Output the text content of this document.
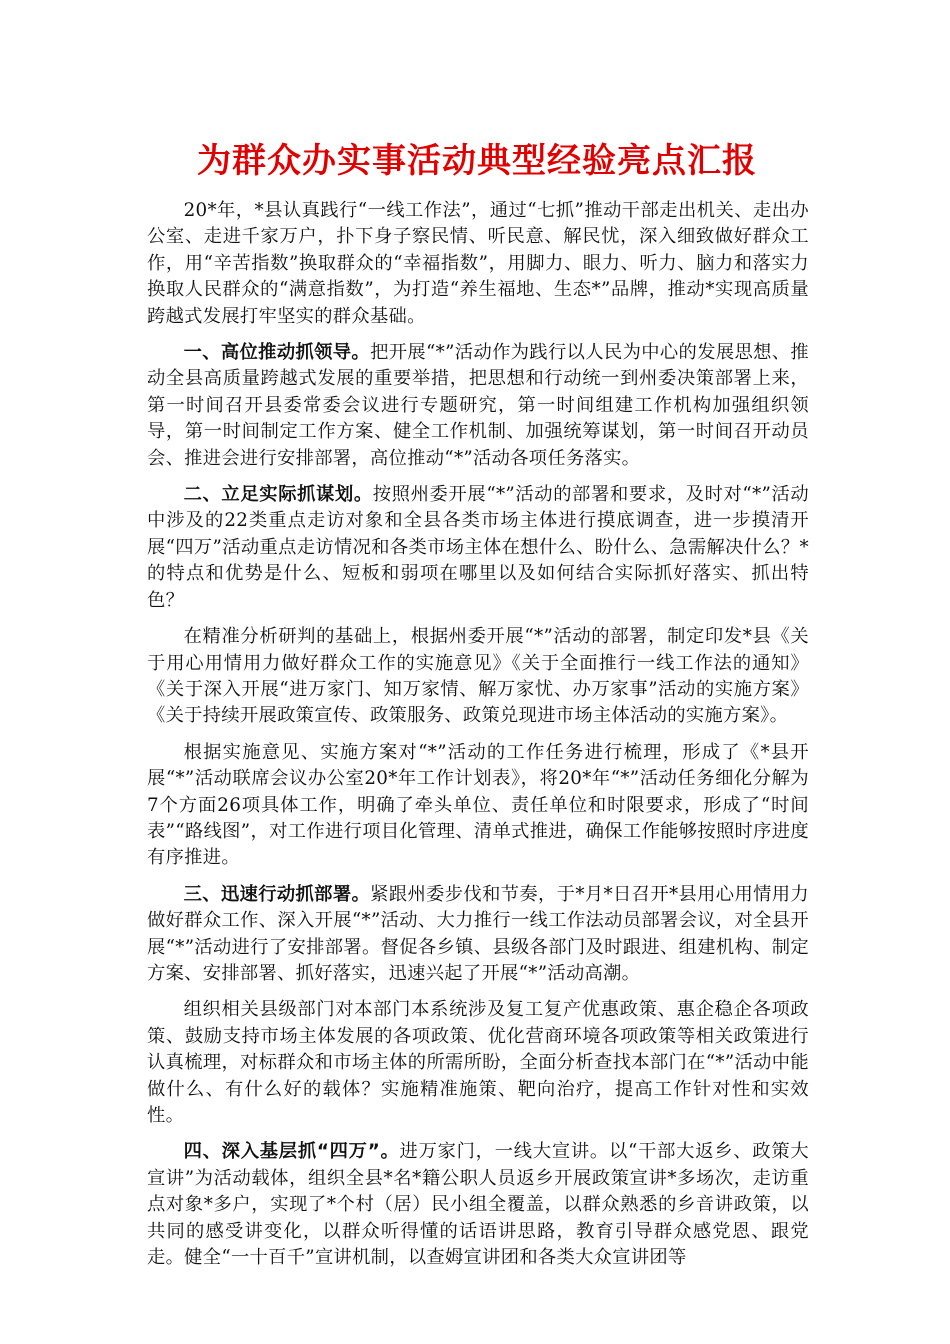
为群众办实事活动典型经验亮点汇报

20*年，*县认真践行“一线工作法”，通过“七抓”推动干部走出机关、走出办公室、走进千家万户，扑下身子察民情、听民意、解民忧，深入细致做好群众工作，用“辛苦指数”换取群众的“幸福指数”，用脚力、眼力、听力、脑力和落实力换取人民群众的“满意指数”，为打造“养生福地、生态*”品牌，推动*实现高质量跨越式发展打牢坚实的群众基础。

一、高位推动抓领导。把开展“*”活动作为践行以人民为中心的发展思想、推动全县高质量跨越式发展的重要举措，把思想和行动统一到州委决策部署上来，第一时间召开县委常委会议进行专题研究，第一时间组建工作机构加强组织领导，第一时间制定工作方案、健全工作机制、加强统筹谋划，第一时间召开动员会、推进会进行安排部署，高位推动“*”活动各项任务落实。

二、立足实际抓谋划。按照州委开展“*”活动的部署和要求，及时对“*”活动中涉及的22类重点走访对象和全县各类市场主体进行摸底调查，进一步摸清开展“四万”活动重点走访情况和各类市场主体在想什么、盼什么、急需解决什么？*的特点和优势是什么、短板和弱项在哪里以及如何结合实际抓好落实、抓出特色？

在精准分析研判的基础上，根据州委开展“*”活动的部署，制定印发*县《关于用心用情用力做好群众工作的实施意见》《关于全面推行一线工作法的通知》《关于深入开展“进万家门、知万家情、解万家忧、办万家事”活动的实施方案》《关于持续开展政策宣传、政策服务、政策兑现进市场主体活动的实施方案》。

根据实施意见、实施方案对“*”活动的工作任务进行梳理，形成了《*县开展“*”活动联席会议办公室20*年工作计划表》，将20*年“*”活动任务细化分解为7个方面26项具体工作，明确了牵头单位、责任单位和时限要求，形成了“时间表”“路线图”，对工作进行项目化管理、清单式推进，确保工作能够按照时序进度有序推进。

三、迅速行动抓部署。紧跟州委步伐和节奏，于*月*日召开*县用心用情用力做好群众工作、深入开展“*”活动、大力推行一线工作法动员部署会议，对全县开展“*”活动进行了安排部署。督促各乡镇、县级各部门及时跟进、组建机构、制定方案、安排部署、抓好落实，迅速兴起了开展“*”活动高潮。

组织相关县级部门对本部门本系统涉及复工复产优惠政策、惠企稳企各项政策、鼓励支持市场主体发展的各项政策、优化营商环境各项政策等相关政策进行认真梳理，对标群众和市场主体的所需所盼，全面分析查找本部门在“*”活动中能做什么、有什么好的载体？实施精准施策、靶向治疗，提高工作针对性和实效性。

四、深入基层抓“四万”。进万家门，一线大宣讲。以“干部大返乡、政策大宣讲”为活动载体，组织全县*名*籍公职人员返乡开展政策宣讲*多场次，走访重点对象*多户，实现了*个村（居）民小组全覆盖，以群众熟悉的乡音讲政策，以共同的感受讲变化，以群众听得懂的话语讲思路，教育引导群众感党恩、跟党走。健全“一十百千”宣讲机制，以查姆宣讲团和各类大众宣讲团等
